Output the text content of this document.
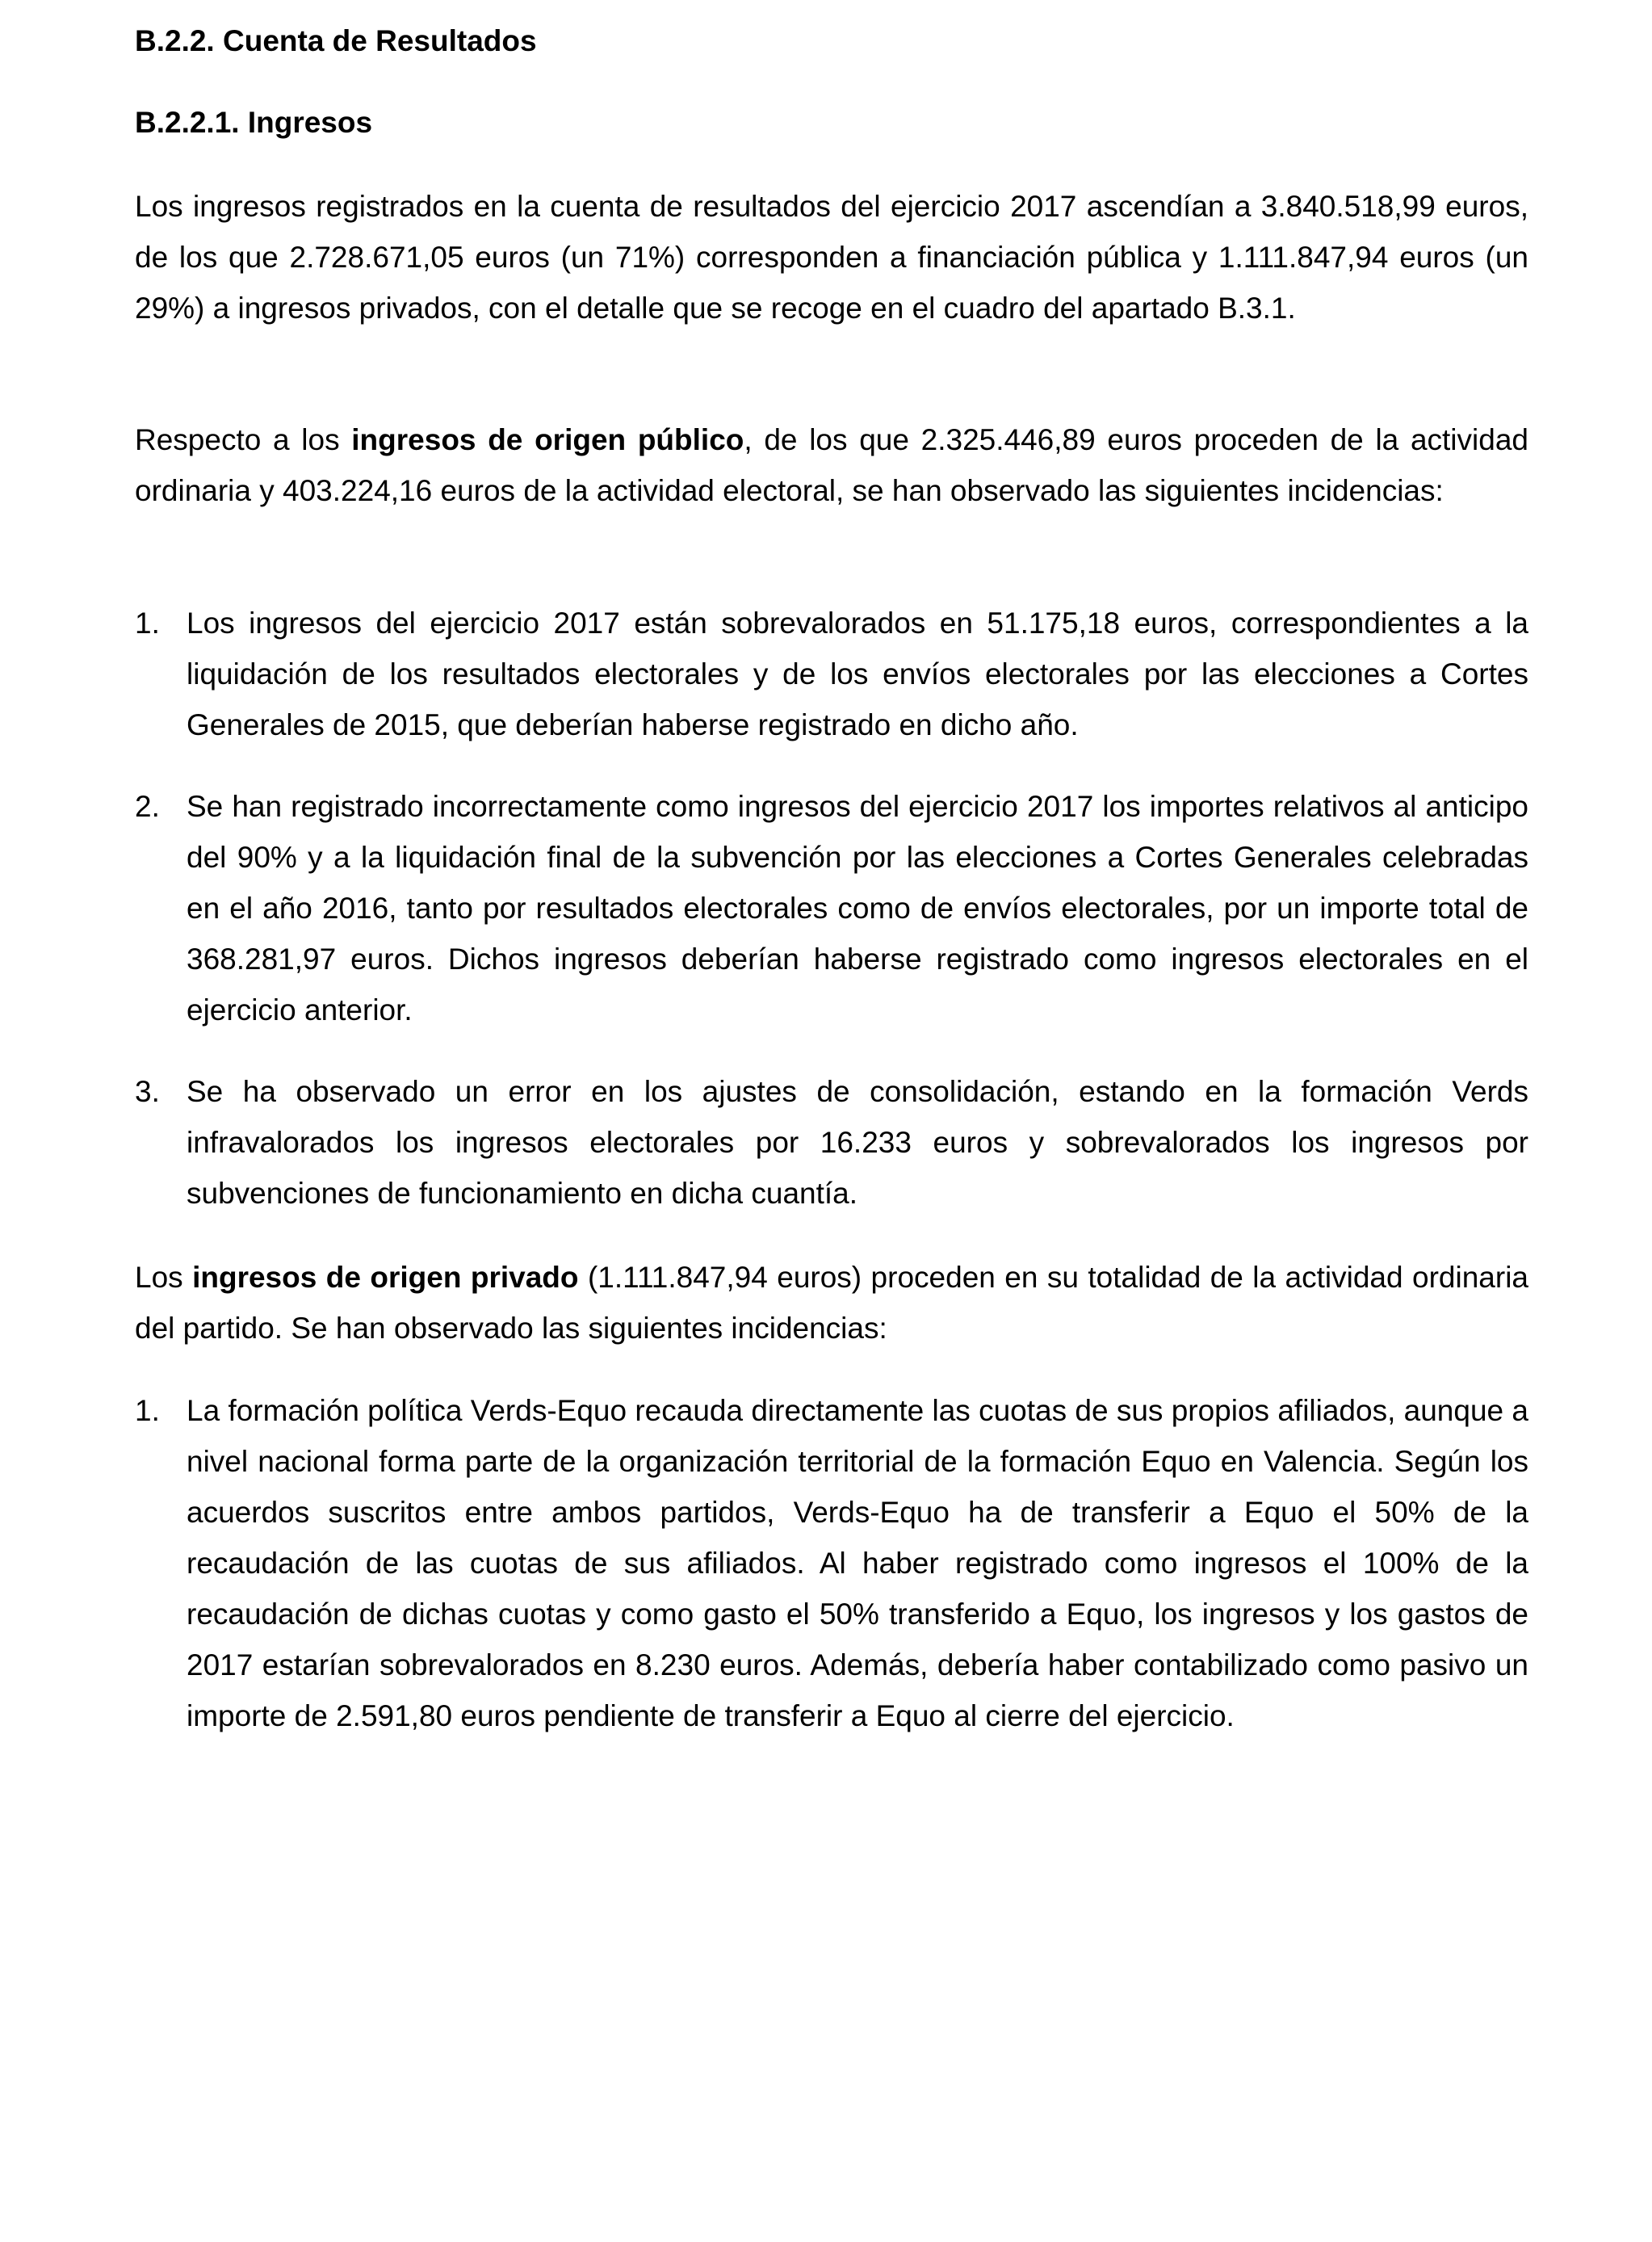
B.2.2. Cuenta de Resultados
B.2.2.1. Ingresos

Los ingresos registrados en la cuenta de resultados del ejercicio 2017 ascendían a 3.840.518,99 euros, de los que 2.728.671,05 euros (un 71%) corresponden a financiación pública y 1.111.847,94 euros (un 29%) a ingresos privados, con el detalle que se recoge en el cuadro del apartado B.3.1.

Respecto a los ingresos de origen público, de los que 2.325.446,89 euros proceden de la actividad ordinaria y 403.224,16 euros de la actividad electoral, se han observado las siguientes incidencias:

1. Los ingresos del ejercicio 2017 están sobrevalorados en 51.175,18 euros, correspondientes a la liquidación de los resultados electorales y de los envíos electorales por las elecciones a Cortes Generales de 2015, que deberían haberse registrado en dicho año.
2. Se han registrado incorrectamente como ingresos del ejercicio 2017 los importes relativos al anticipo del 90% y a la liquidación final de la subvención por las elecciones a Cortes Generales celebradas en el año 2016, tanto por resultados electorales como de envíos electorales, por un importe total de 368.281,97 euros. Dichos ingresos deberían haberse registrado como ingresos electorales en el ejercicio anterior.
3. Se ha observado un error en los ajustes de consolidación, estando en la formación Verds infravalorados los ingresos electorales por 16.233 euros y sobrevalorados los ingresos por subvenciones de funcionamiento en dicha cuantía.

Los ingresos de origen privado (1.111.847,94 euros) proceden en su totalidad de la actividad ordinaria del partido. Se han observado las siguientes incidencias:

1. La formación política Verds-Equo recauda directamente las cuotas de sus propios afiliados, aunque a nivel nacional forma parte de la organización territorial de la formación Equo en Valencia. Según los acuerdos suscritos entre ambos partidos, Verds-Equo ha de transferir a Equo el 50% de la recaudación de las cuotas de sus afiliados. Al haber registrado como ingresos el 100% de la recaudación de dichas cuotas y como gasto el 50% transferido a Equo, los ingresos y los gastos de 2017 estarían sobrevalorados en 8.230 euros. Además, debería haber contabilizado como pasivo un importe de 2.591,80 euros pendiente de transferir a Equo al cierre del ejercicio.
